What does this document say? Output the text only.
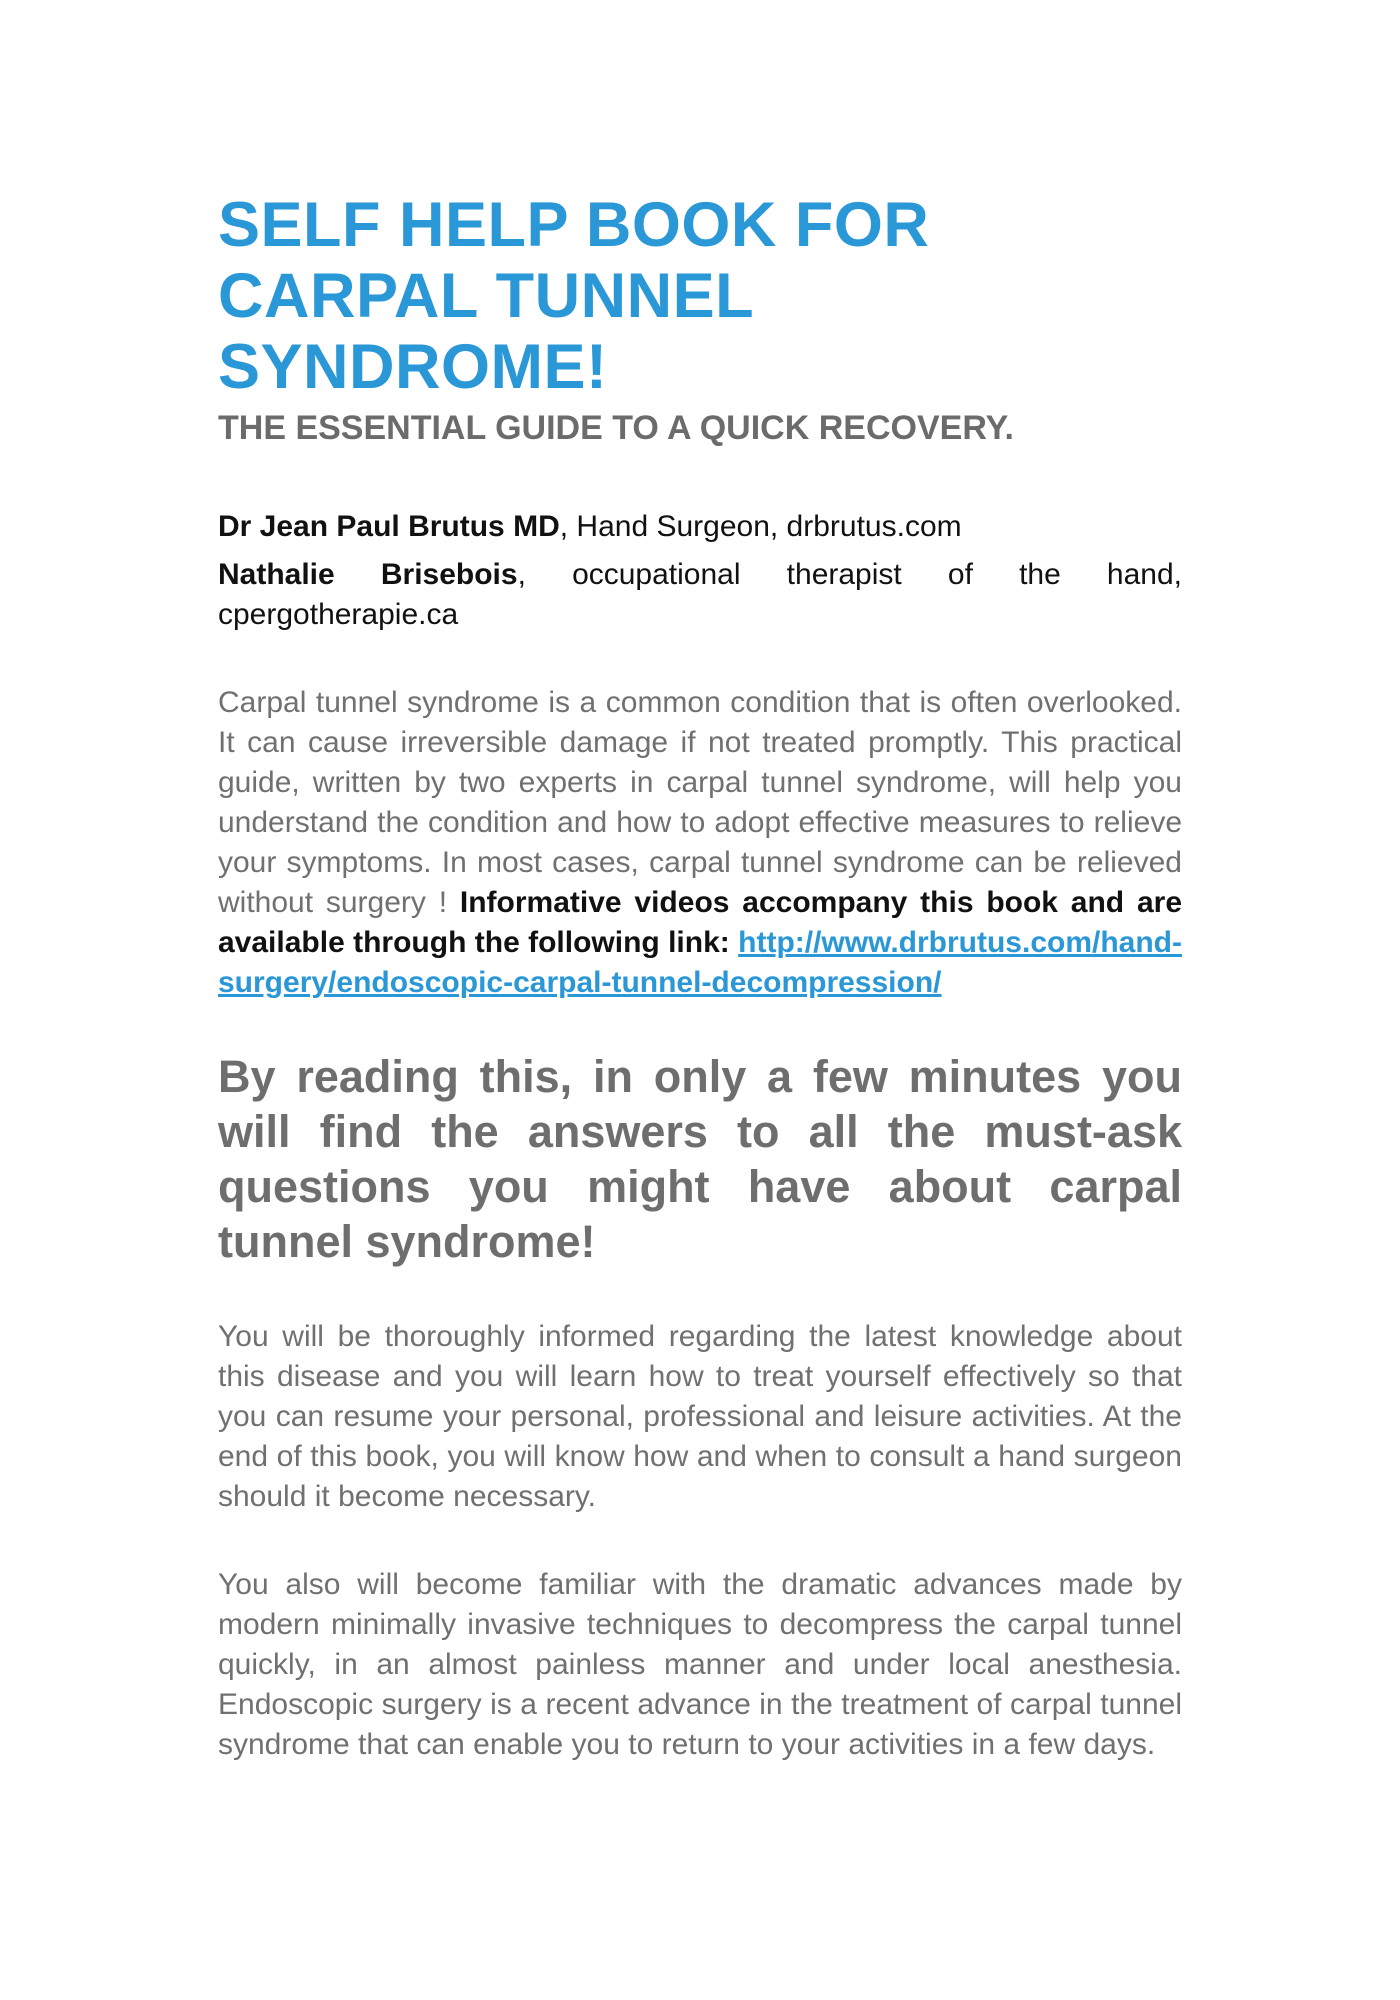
SELF HELP BOOK FOR
CARPAL TUNNEL
SYNDROME!
THE ESSENTIAL GUIDE TO A QUICK RECOVERY.
Dr Jean Paul Brutus MD, Hand Surgeon, drbrutus.com
Nathalie Brisebois, occupational therapist of the hand, cpergotherapie.ca

Carpal tunnel syndrome is a common condition that is often overlooked. It can cause irreversible damage if not treated promptly. This practical guide, written by two experts in carpal tunnel syndrome, will help you understand the condition and how to adopt effective measures to relieve your symptoms. In most cases, carpal tunnel syndrome can be relieved without surgery ! Informative videos accompany this book and are available through the following link: http://www.drbrutus.com/hand-surgery/endoscopic-carpal-tunnel-decompression/

By reading this, in only a few minutes you will find the answers to all the must-ask questions you might have about carpal tunnel syndrome!

You will be thoroughly informed regarding the latest knowledge about this disease and you will learn how to treat yourself effectively so that you can resume your personal, professional and leisure activities. At the end of this book, you will know how and when to consult a hand surgeon should it become necessary.

You also will become familiar with the dramatic advances made by modern minimally invasive techniques to decompress the carpal tunnel quickly, in an almost painless manner and under local anesthesia. Endoscopic surgery is a recent advance in the treatment of carpal tunnel syndrome that can enable you to return to your activities in a few days.
